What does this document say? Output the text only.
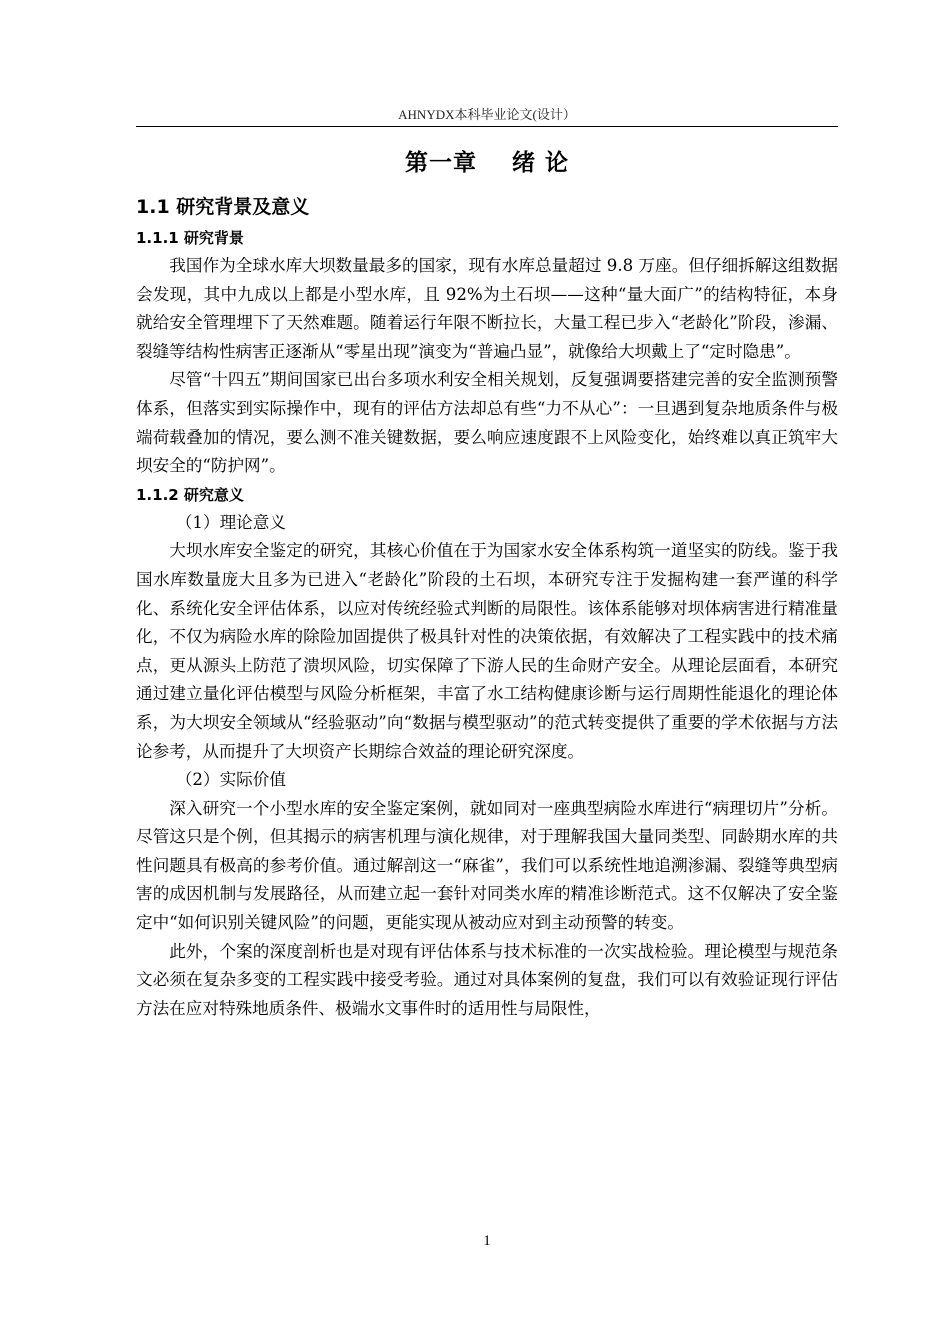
AHNYDX本科毕业论文(设计）
第一章 绪 论
1.1 研究背景及意义
1.1.1 研究背景

我国作为全球水库大坝数量最多的国家，现有水库总量超过 9.8 万座。但仔细拆解这组数据会发现，其中九成以上都是小型水库，且 92%为土石坝——这种“量大面广”的结构特征，本身就给安全管理埋下了天然难题。随着运行年限不断拉长，大量工程已步入“老龄化”阶段，渗漏、裂缝等结构性病害正逐渐从“零星出现”演变为“普遍凸显”，就像给大坝戴上了“定时隐患”。

尽管“十四五”期间国家已出台多项水利安全相关规划，反复强调要搭建完善的安全监测预警体系，但落实到实际操作中，现有的评估方法却总有些“力不从心”：一旦遇到复杂地质条件与极端荷载叠加的情况，要么测不准关键数据，要么响应速度跟不上风险变化，始终难以真正筑牢大坝安全的“防护网”。

1.1.2 研究意义

（1）理论意义

大坝水库安全鉴定的研究，其核心价值在于为国家水安全体系构筑一道坚实的防线。鉴于我国水库数量庞大且多为已进入“老龄化”阶段的土石坝，本研究专注于发掘构建一套严谨的科学化、系统化安全评估体系，以应对传统经验式判断的局限性。该体系能够对坝体病害进行精准量化，不仅为病险水库的除险加固提供了极具针对性的决策依据，有效解决了工程实践中的技术痛点，更从源头上防范了溃坝风险，切实保障了下游人民的生命财产安全。从理论层面看，本研究通过建立量化评估模型与风险分析框架，丰富了水工结构健康诊断与运行周期性能退化的理论体系，为大坝安全领域从“经验驱动”向“数据与模型驱动”的范式转变提供了重要的学术依据与方法论参考，从而提升了大坝资产长期综合效益的理论研究深度。

（2）实际价值

深入研究一个小型水库的安全鉴定案例，就如同对一座典型病险水库进行“病理切片”分析。尽管这只是个例，但其揭示的病害机理与演化规律，对于理解我国大量同类型、同龄期水库的共性问题具有极高的参考价值。通过解剖这一“麻雀”，我们可以系统性地追溯渗漏、裂缝等典型病害的成因机制与发展路径，从而建立起一套针对同类水库的精准诊断范式。这不仅解决了安全鉴定中“如何识别关键风险”的问题，更能实现从被动应对到主动预警的转变。

此外，个案的深度剖析也是对现有评估体系与技术标准的一次实战检验。理论模型与规范条文必须在复杂多变的工程实践中接受考验。通过对具体案例的复盘，我们可以有效验证现行评估方法在应对特殊地质条件、极端水文事件时的适用性与局限性，

1
